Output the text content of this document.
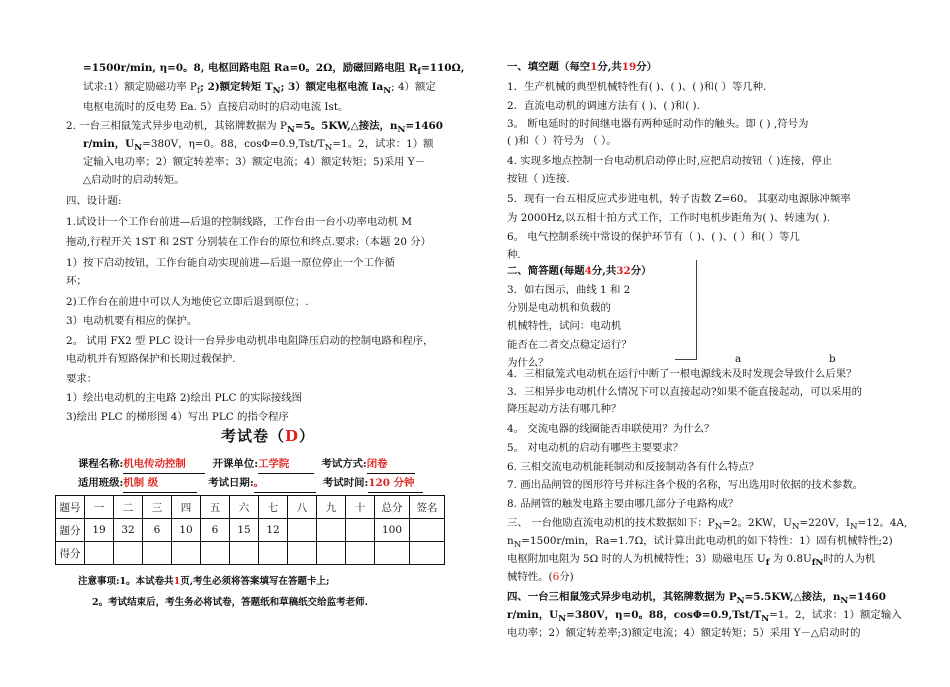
=1500r/min, η=0。8, 电枢回路电阻 Ra=0。2Ω，励磁回路电阻 $R_f=110\Omega$,
试求:1）额定励磁功率 $P_f$; 2)额定转矩 $T_N$; 3）额定电枢电流 $Ia_N$; 4）额定
电枢电流时的反电势 Ea. 5）直接启动时的启动电流 Ist。
2. 一台三相鼠笼式异步电动机，其铭牌数据为 $P_N=5$。5KW,△接法，$n_N=1460$
r/min，$U_N=380V$，η=0。88，$\cos\Phi=0.9,Tst/T_N=1$。2，试求：1）额
定输入电功率；2）额定转差率；3）额定电流；4）额定转矩；5)采用 Y－
△启动时的启动转矩。
四、设计题:
1.试设计一个工作台前进—后退的控制线路，工作台由一台小功率电动机 M
拖动,行程开关 1ST 和 2ST 分别装在工作台的原位和终点.要求:（本题 20 分）
1）按下启动按钮，工作台能自动实现前进—后退一原位停止一个工作循
环；
2)工作台在前进中可以人为地使它立即后退到原位；.
3）电动机要有相应的保护。
2。 试用 FX2 型 PLC 设计一台异步电动机串电阻降压启动的控制电路和程序，
电动机并有短路保护和长期过载保护.
要求：
1）绘出电动机的主电路 2)绘出 PLC 的实际接线图
3)绘出 PLC 的梯形图 4）写出 PLC 的指令程序
考试卷（D）
课程名称:机电传动控制	开课单位:工学院	考试方式:闭卷
适用班级:机制 级	考试日期:。	考试时间:120 分钟
题号	一	二	三	四	五	六	七	八	九	十	总分	签名
题分	19	32	6	10	6	15	12				100	
得分												
注意事项:1。本试卷共1页,考生必须将答案填写在答题卡上;
2。考试结束后，考生务必将试卷，答题纸和草稿纸交给监考老师.
一、填空题（每空1分,共19分）
1．生产机械的典型机械特性有( )、( )、( )和( ）等几种.
2．直流电动机的调速方法有 ( )、( )和( ).
3。 断电延时的时间继电器有两种延时动作的触头。即 ( ) ,符号为
( )和（ ）符号为 （ ）。
4. 实现多地点控制一台电动机启动停止时,应把启动按钮（ )连接，停止
按钮（ )连接.
5．现有一台五相反应式步进电机，转子齿数 Z=60。 其驱动电源脉冲频率
为 2000Hz,以五相十拍方式工作，工作时电机步距角为( )、转速为( ).
6。 电气控制系统中常设的保护环节有（ )、( )、( ）和( ）等几
种.
二、简答题(每题4分,共32分）
3．如右图示，曲线 1 和 2
分别是电动机和负载的
机械特性，试问：电动机
能否在二者交点稳定运行？
为什么？	a	b
4．三相鼠笼式电动机在运行中断了一根电源线未及时发现会导致什么后果？
3．三相异步电动机什么情况下可以直接起动?如果不能直接起动，可以采用的
降压起动方法有哪几种？
4。 交流电器的线圈能否串联使用？为什么？
5。 对电动机的启动有哪些主要要求？
6. 三相交流电动机能耗制动和反接制动各有什么特点？
7. 画出品闸管的图形符号并标注各个极的名称，写出选用时依据的技术参数。
8. 品闸管的触发电路主要由哪几部分子电路构成？
三、 一台他励直流电动机的技术数据如下：$P_N=2$。2KW，$U_N=220V$，$I_N=12$。4A,
$n_N=1500r/\min$，Ra=1.7Ω，试计算出此电动机的如下特性：1）固有机械特性;2)
电枢附加电阻为 5Ω 时的人为机械特性；3）励磁电压 $U_f$ 为 $0.8U_{fN}$时的人为机
械特性。(6分)
四、一台三相鼠笼式异步电动机，其铭牌数据为 $P_N=5.5KW,\triangle$接法，$n_N=1460$
r/min，$U_N=380V$，η=0。88，$\cos\Phi=0.9,Tst/T_N=1$。2，试求：1）额定输入
电功率；2）额定转差率;3)额定电流；4）额定转矩；5）采用 Y－△启动时的
